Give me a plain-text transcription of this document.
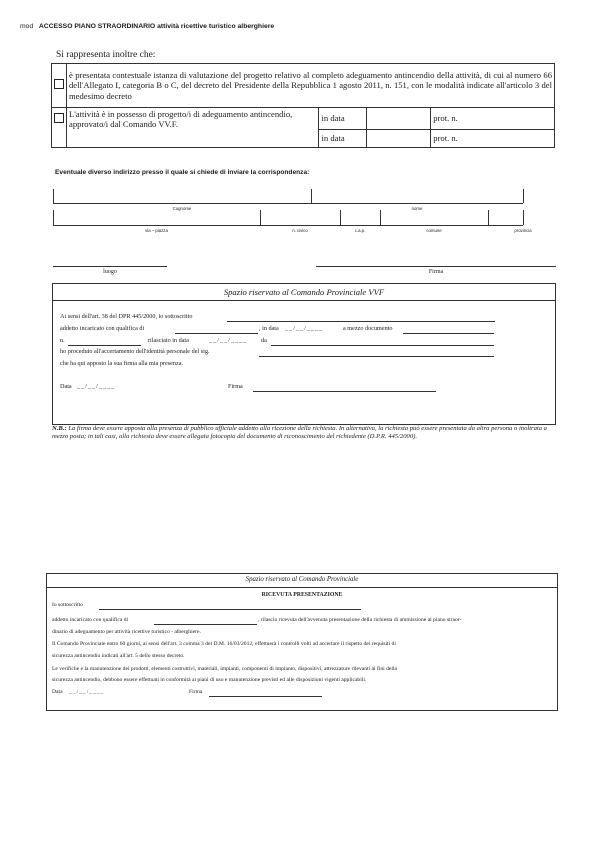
mod ACCESSO PIANO STRAORDINARIO attività ricettive turistico alberghiere
Si rappresenta inoltre che:
	è presentata contestuale istanza di valutazione del progetto relativo al completo adeguamento antincendio della attività, di cui al numero 66 dell'Allegato I, categoria B o C, del decreto del Presidente della Repubblica 1 agosto 2011, n. 151, con le modalità indicate all'articolo 3 del medesimo decreto			
	L'attività è in possesso di progetto/i di adeguamento antincendio, approvato/i dal Comando VV.F.	in data		prot. n.
		in data		prot. n.
Eventuale diverso indirizzo presso il quale si chiede di inviare la corrispondenza:
Cognome	nome
via – piazza	n. civico	c.a.p.	comune	provincia
luogo	Firma
Spazio riservato al Comando Provinciale VVF
Ai sensi dell'art. 38 del DPR 445/2000, io sottoscritto
addetto incaricato con qualifica di	, in data __/__/____	a mezzo documento
n.	rilasciato in data	__/__/____ da
ho proceduto all'accertamento dell'identità personale del sig.
che ha qui apposto la sua firma alla mia presenza.
Data __/__/____	Firma
N.B.: La firma deve essere apposta alla presenza di pubblico ufficiale addetto alla ricezione della richiesta. In alternativa, la richiesta può essere presentata da altra persona o inoltrata a mezzo posta; in tali casi, alla richiesta deve essere allegata fotocopia del documento di riconoscimento del richiedente (D.P.R. 445/2000).
Spazio riservato al Comando Provinciale
RICEVUTA PRESENTAZIONE
Io sottoscritto
addetto incaricato con qualifica di	, rilascio ricevuta dell'avvenuta presentazione della richiesta di ammissione al piano straor-
dinario di adeguamento per attività ricettive turistico - alberghiere.
Il Comando Provinciale entro 60 giorni, ai sensi dell'art. 3 comma 3 del D.M. 16/03/2012, effettuerà i controlli volti ad accertare il rispetto dei requisiti di
sicurezza antincendio indicati all'art. 5 dello stesso decreto.
Le verifiche e la manutenzione dei prodotti, elementi costruttivi, materiali, impianti, componenti di impianto, dispositivi, attrezzature rilevanti ai fini della
sicurezza antincendio, debbono essere effettuati in conformità ai piani di uso e manutenzione previsti ed alle disposizioni vigenti applicabili.
Data __/__/____	Firma
